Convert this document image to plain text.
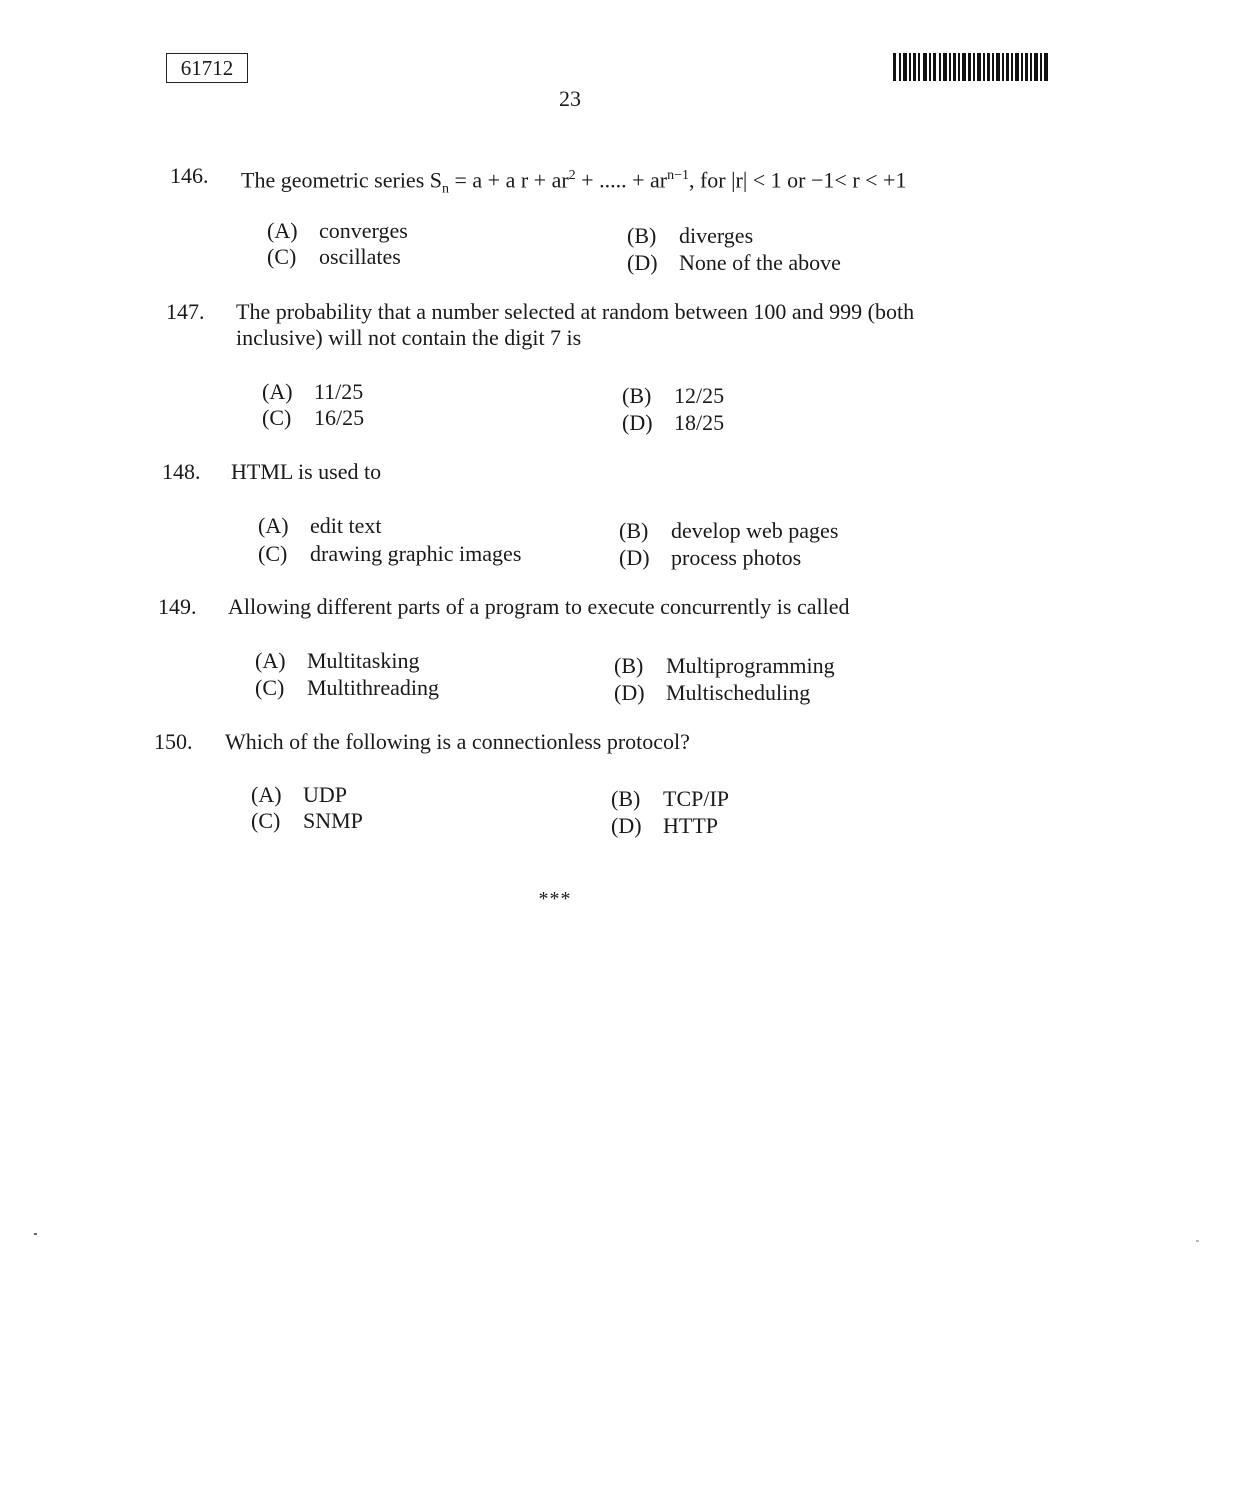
61712
23
146. The geometric series $S_n = a + a$ $r + ar^2$ + ..... + $ar^{n-1}$, for |r| < 1 or −1< r < +1
(A) converges	(B) diverges
(C) oscillates	(D) None of the above
147. The probability that a number selected at random between 100 and 999 (both inclusive) will not contain the digit 7 is
(A) 11/25	(B) 12/25
(C) 16/25	(D) 18/25
148. HTML is used to
(A) edit text	(B) develop web pages
(C) drawing graphic images	(D) process photos
149. Allowing different parts of a program to execute concurrently is called
(A) Multitasking	(B) Multiprogramming
(C) Multithreading	(D) Multischeduling
150. Which of the following is a connectionless protocol?
(A) UDP	(B) TCP/IP
(C) SNMP	(D) HTTP
***
